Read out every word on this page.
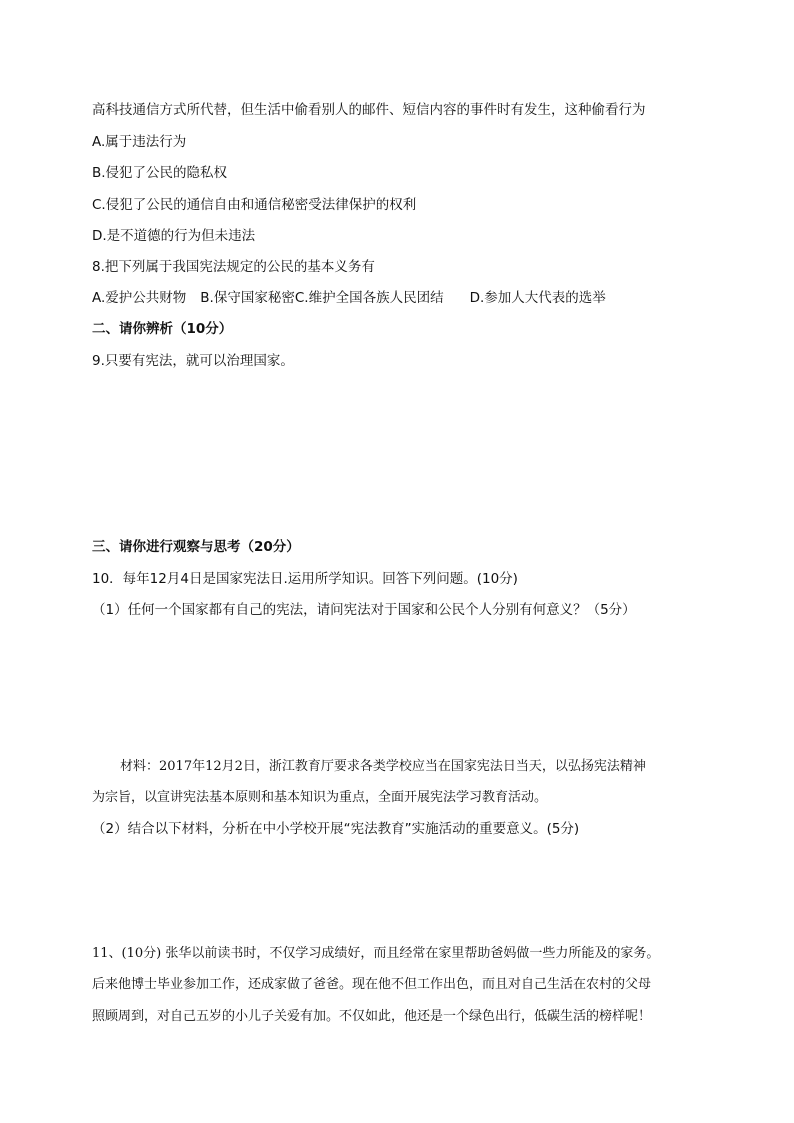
高科技通信方式所代替，但生活中偷看别人的邮件、短信内容的事件时有发生，这种偷看行为
A.属于违法行为
B.侵犯了公民的隐私权
C.侵犯了公民的通信自由和通信秘密受法律保护的权利
D.是不道德的行为但未违法
8.把下列属于我国宪法规定的公民的基本义务有
A.爱护公共财物 B.保守国家秘密C.维护全国各族人民团结 D.参加人大代表的选举
二、请你辨析（10分）
9.只要有宪法，就可以治理国家。
三、请你进行观察与思考（20分）
10．每年12月4日是国家宪法日.运用所学知识。回答下列问题。(10分)
（1）任何一个国家都有自己的宪法，请问宪法对于国家和公民个人分别有何意义？（5分）
材料：2017年12月2日，浙江教育厅要求各类学校应当在国家宪法日当天，以弘扬宪法精神
为宗旨，以宣讲宪法基本原则和基本知识为重点，全面开展宪法学习教育活动。
（2）结合以下材料，分析在中小学校开展“宪法教育”实施活动的重要意义。(5分)
11、(10分) 张华以前读书时，不仅学习成绩好，而且经常在家里帮助爸妈做一些力所能及的家务。
后来他博士毕业参加工作，还成家做了爸爸。现在他不但工作出色，而且对自己生活在农村的父母
照顾周到，对自己五岁的小儿子关爱有加。不仅如此，他还是一个绿色出行，低碳生活的榜样呢！
